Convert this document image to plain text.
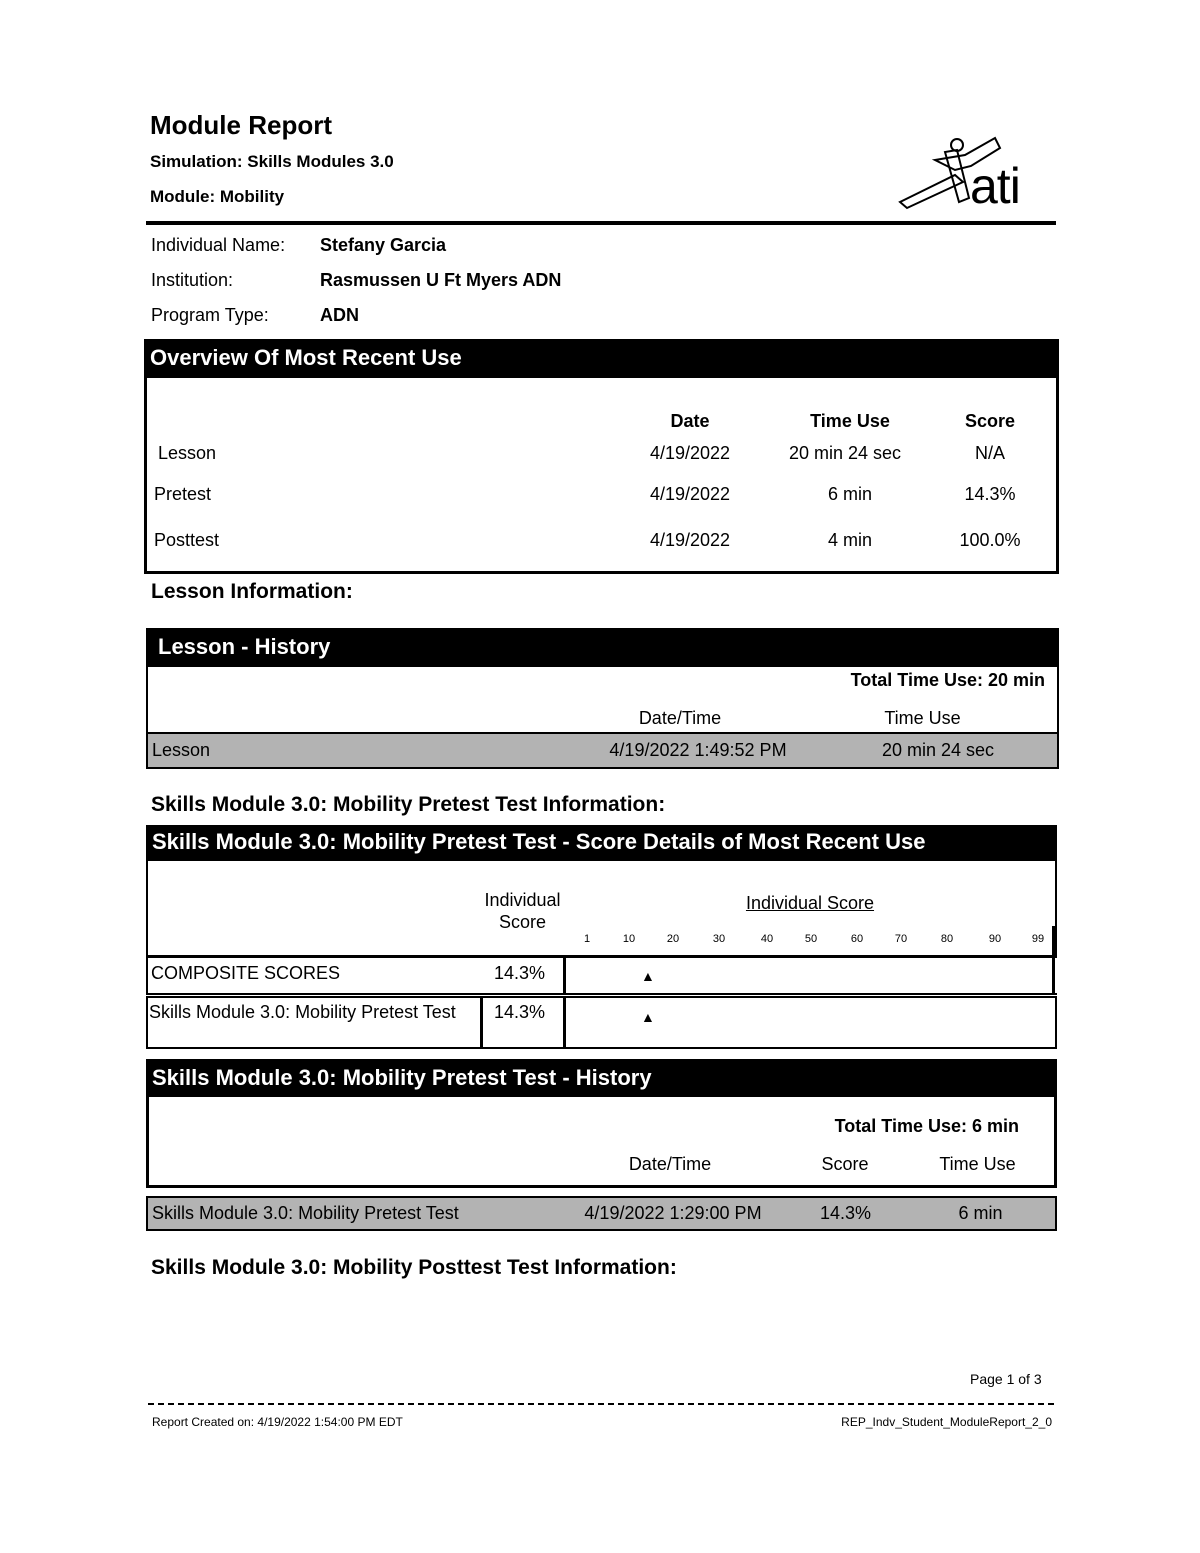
Module Report
Simulation: Skills Modules 3.0
Module: Mobility	ati
Individual Name: Stefany Garcia
Institution:	Rasmussen U Ft Myers ADN
Program Type:	ADN
Overview Of Most Recent Use
Date	Time Use	Score
Lesson	4/19/2022	20 min 24 sec	N/A
Pretest	4/19/2022	6 min	14.3%
Posttest	4/19/2022	4 min	100.0%
Lesson Information:
Lesson - History
Total Time Use: 20 min
Date/Time	Time Use
Lesson	4/19/2022 1:49:52 PM	20 min 24 sec
Skills Module 3.0: Mobility Pretest Test Information:
Skills Module 3.0: Mobility Pretest Test - Score Details of Most Recent Use
Individual Score
Individual Score
1	10	20	30	40	50	60	70	80	90	99
COMPOSITE SCORES	14.3%
Skills Module 3.0: Mobility Pretest Test	14.3%
▲
▲
Skills Module 3.0: Mobility Pretest Test - History
Total Time Use: 6 min
Date/Time	Score	Time Use
Skills Module 3.0: Mobility Pretest Test	4/19/2022 1:29:00 PM	14.3%	6 min
Skills Module 3.0: Mobility Posttest Test Information:
Page 1 of 3
Report Created on: 4/19/2022 1:54:00 PM EDT	REP_Indv_Student_ModuleReport_2_0
